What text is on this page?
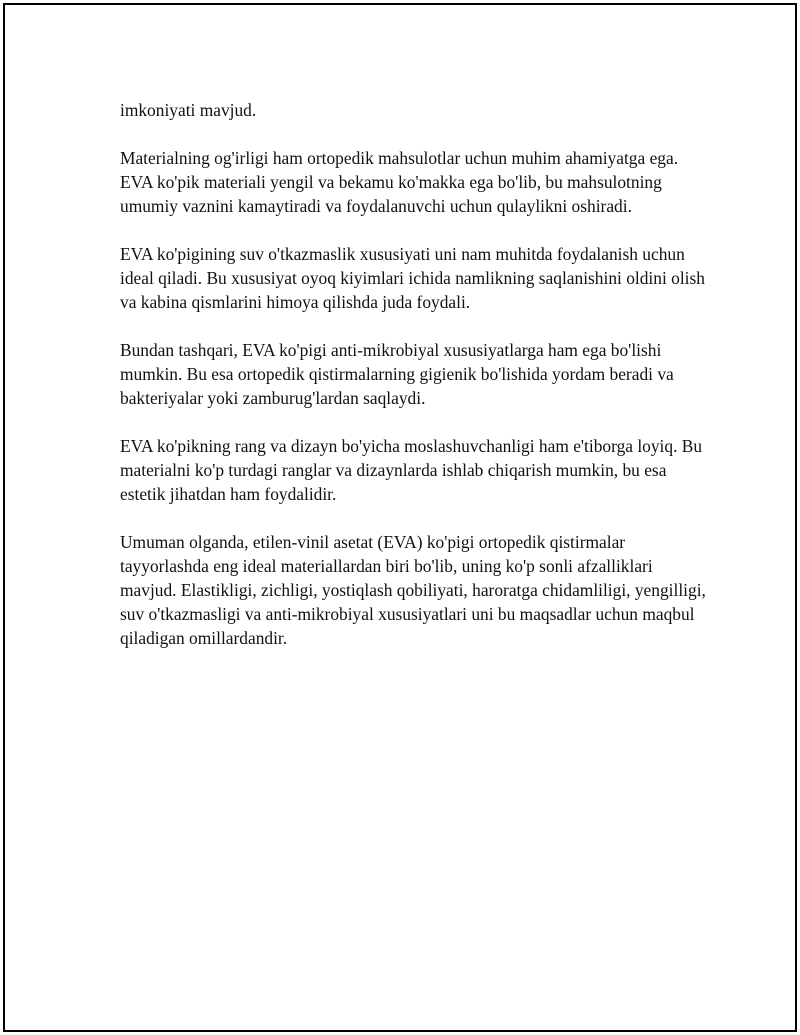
imkoniyati mavjud.

Materialning og'irligi ham ortopedik mahsulotlar uchun muhim ahamiyatga ega. EVA ko'pik materiali yengil va bekamu ko'makka ega bo'lib, bu mahsulotning umumiy vaznini kamaytiradi va foydalanuvchi uchun qulaylikni oshiradi.

EVA ko'pigining suv o'tkazmaslik xususiyati uni nam muhitda foydalanish uchun ideal qiladi. Bu xususiyat oyoq kiyimlari ichida namlikning saqlanishini oldini olish va kabina qismlarini himoya qilishda juda foydali.

Bundan tashqari, EVA ko'pigi anti-mikrobiyal xususiyatlarga ham ega bo'lishi mumkin. Bu esa ortopedik qistirmalarning gigienik bo'lishida yordam beradi va bakteriyalar yoki zamburug'lardan saqlaydi.

EVA ko'pikning rang va dizayn bo'yicha moslashuvchanligi ham e'tiborga loyiq. Bu materialni ko'p turdagi ranglar va dizaynlarda ishlab chiqarish mumkin, bu esa estetik jihatdan ham foydalidir.

Umuman olganda, etilen-vinil asetat (EVA) ko'pigi ortopedik qistirmalar tayyorlashda eng ideal materiallardan biri bo'lib, uning ko'p sonli afzalliklari mavjud. Elastikligi, zichligi, yostiqlash qobiliyati, haroratga chidamliligi, yengilligi, suv o'tkazmasligi va anti-mikrobiyal xususiyatlari uni bu maqsadlar uchun maqbul qiladigan omillardandir.
